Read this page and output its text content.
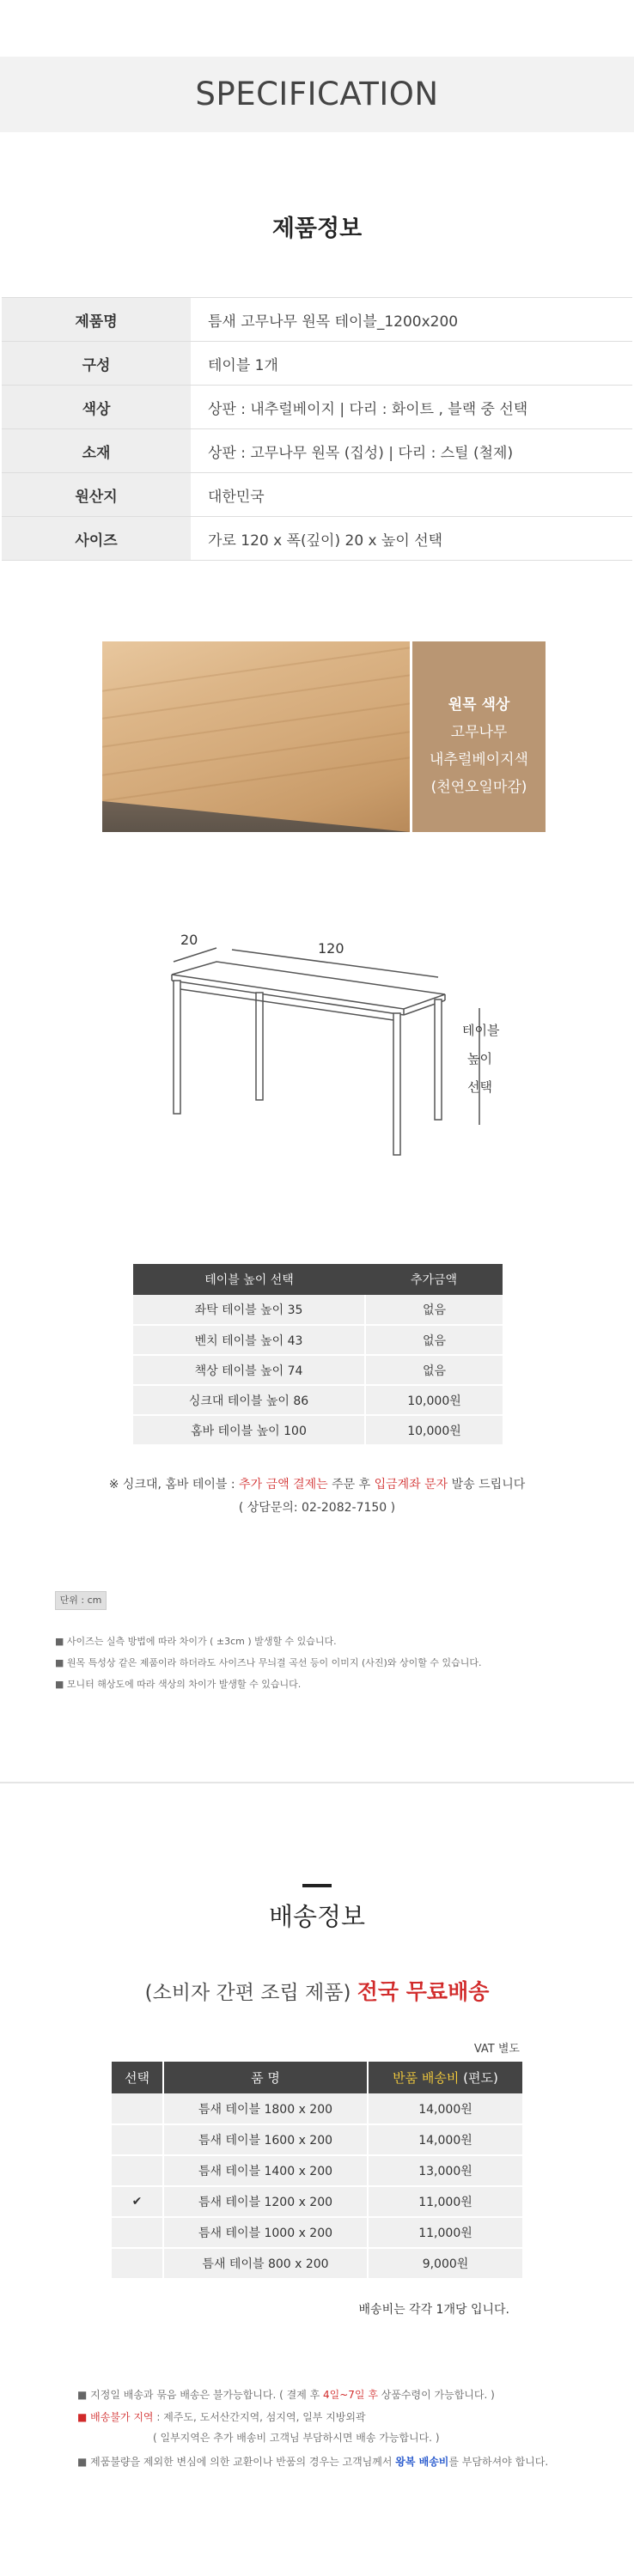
SPECIFICATION
제품정보
제품명	틈새 고무나무 원목 테이블_1200x200
구성	테이블 1개
색상	상판 : 내추럴베이지 | 다리 : 화이트 , 블랙 중 선택
소재	상판 : 고무나무 원목 (집성) | 다리 : 스틸 (철제)
원산지	대한민국
사이즈	가로 120 x 폭(깊이) 20 x 높이 선택
원목 색상
고무나무
내추럴베이지색
(천연오일마감)
20
120
테이블
높이
선택
테이블 높이 선택	추가금액
좌탁 테이블 높이 35	없음
벤치 테이블 높이 43	없음
책상 테이블 높이 74	없음
싱크대 테이블 높이 86	10,000원
홈바 테이블 높이 100	10,000원
※ 싱크대, 홈바 테이블 : 추가 금액 결제는 주문 후 입금계좌 문자 발송 드립니다
( 상담문의: 02-2082-7150 )
단위 : cm
■ 사이즈는 실측 방법에 따라 차이가 ( ±3cm ) 발생할 수 있습니다.
■ 원목 특성상 같은 제품이라 하더라도 사이즈나 무늬결 곡선 등이 이미지 (사진)와 상이할 수 있습니다.
■ 모니터 해상도에 따라 색상의 차이가 발생할 수 있습니다.
배송정보
(소비자 간편 조립 제품) 전국 무료배송
VAT 별도
선택	품 명	반품 배송비 (편도)
	틈새 테이블 1800 x 200	14,000원
	틈새 테이블 1600 x 200	14,000원
	틈새 테이블 1400 x 200	13,000원
✔	틈새 테이블 1200 x 200	11,000원
	틈새 테이블 1000 x 200	11,000원
	틈새 테이블 800 x 200	9,000원
배송비는 각각 1개당 입니다.
■ 지정일 배송과 묶음 배송은 불가능합니다. ( 결제 후 4일~7일 후 상품수령이 가능합니다. )
■ 배송불가 지역 : 제주도, 도서산간지역, 섬지역, 일부 지방외곽
( 일부지역은 추가 배송비 고객님 부담하시면 배송 가능합니다. )
■ 제품불량을 제외한 변심에 의한 교환이나 반품의 경우는 고객님께서 왕복 배송비를 부담하셔야 합니다.
